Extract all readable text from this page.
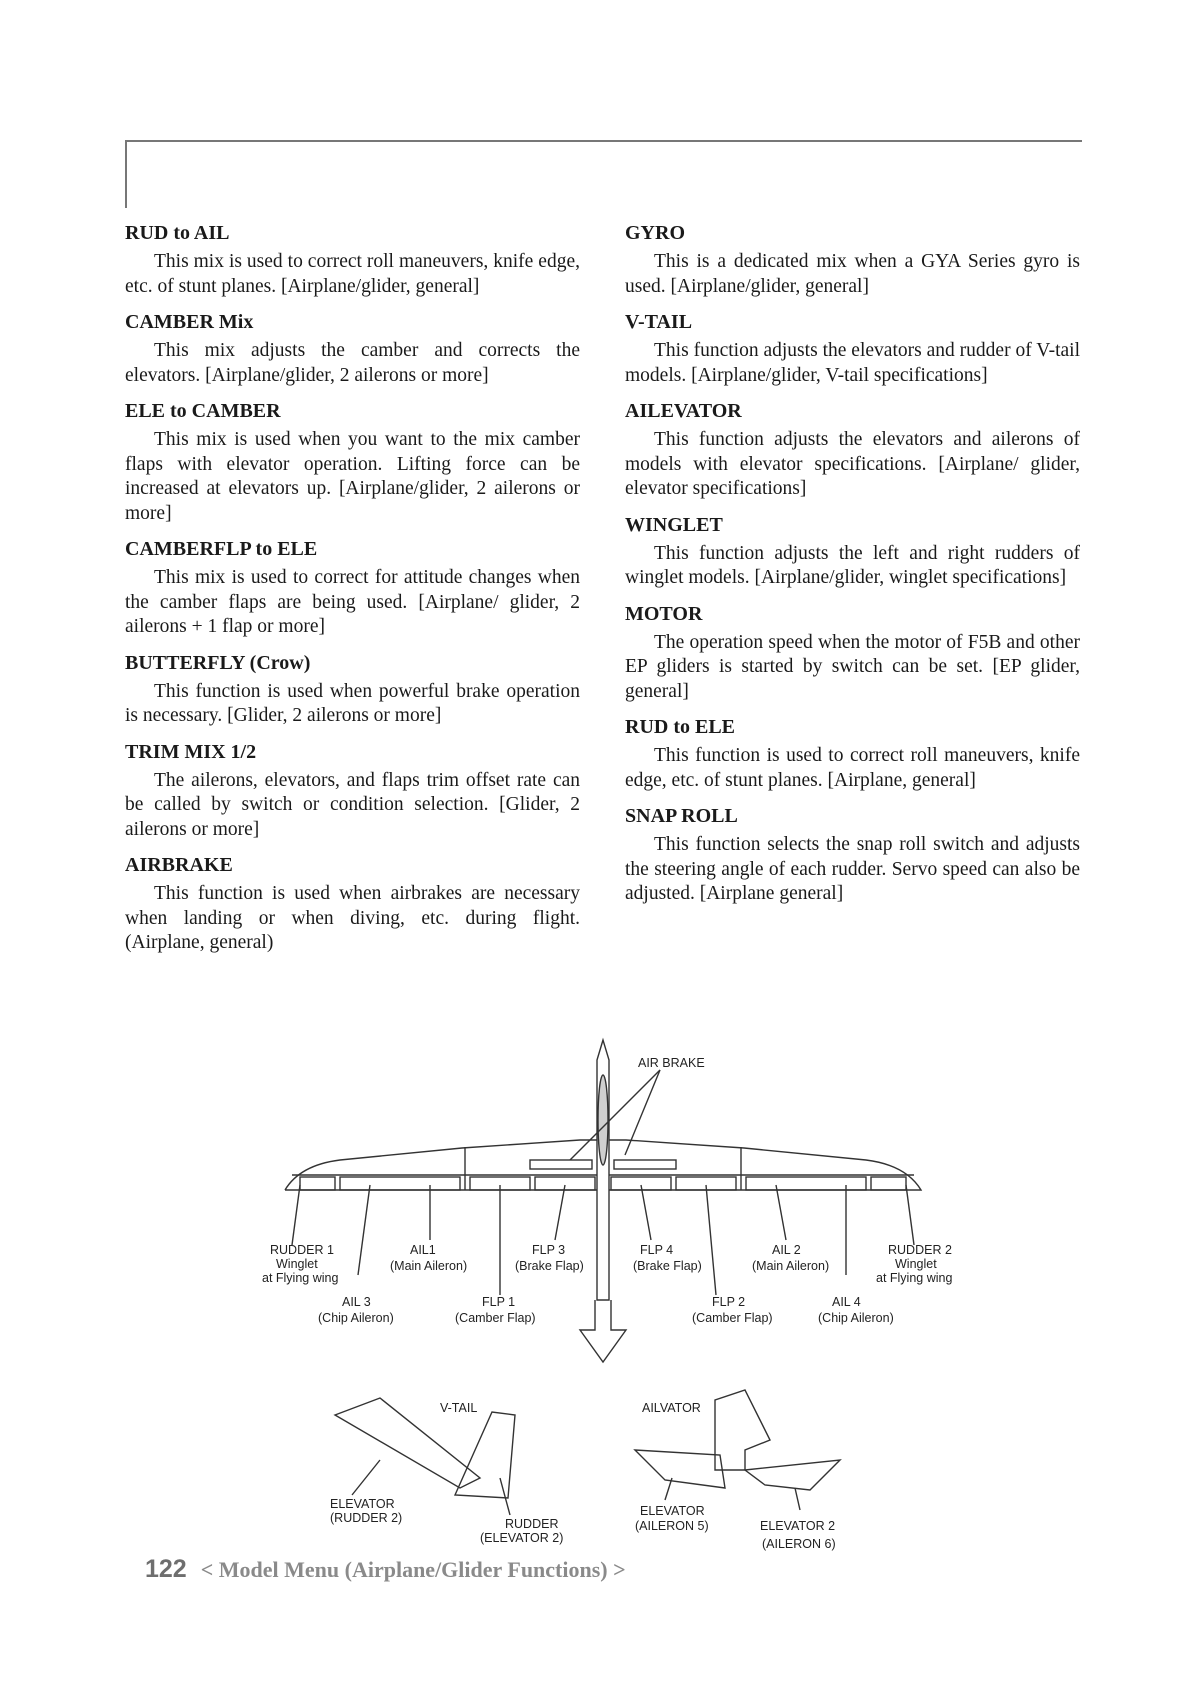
RUD to AIL

This mix is used to correct roll maneuvers, knife edge, etc. of stunt planes. [Airplane/glider, general]

CAMBER Mix

This mix adjusts the camber and corrects the elevators. [Airplane/glider, 2 ailerons or more]

ELE to CAMBER

This mix is used when you want to the mix camber flaps with elevator operation. Lifting force can be increased at elevators up. [Airplane/glider, 2 ailerons or more]

CAMBERFLP to ELE

This mix is used to correct for attitude changes when the camber flaps are being used. [Airplane/ glider, 2 ailerons + 1 flap or more]

BUTTERFLY (Crow)

This function is used when powerful brake operation is necessary. [Glider, 2 ailerons or more]

TRIM MIX 1/2

The ailerons, elevators, and flaps trim offset rate can be called by switch or condition selection. [Glider, 2 ailerons or more]

AIRBRAKE

This function is used when airbrakes are necessary when landing or when diving, etc. during flight. (Airplane, general)

GYRO

This is a dedicated mix when a GYA Series gyro is used. [Airplane/glider, general]

V-TAIL

This function adjusts the elevators and rudder of V-tail models. [Airplane/glider, V-tail specifications]

AILEVATOR

This function adjusts the elevators and ailerons of models with elevator specifications. [Airplane/ glider, elevator specifications]

WINGLET

This function adjusts the left and right rudders of winglet models. [Airplane/glider, winglet specifications]

MOTOR

The operation speed when the motor of F5B and other EP gliders is started by switch can be set. [EP glider, general]

RUD to ELE

This function is used to correct roll maneuvers, knife edge, etc. of stunt planes. [Airplane, general]

SNAP ROLL

This function selects the snap roll switch and adjusts the steering angle of each rudder. Servo speed can also be adjusted. [Airplane general]

AIR BRAKE
RUDDER 1
Winglet
at Flying wing
AIL1
(Main Aileron)
FLP 3
(Brake Flap)
FLP 4
(Brake Flap)
AIL 2
(Main Aileron)
RUDDER 2
Winglet
at Flying wing
AIL 3
(Chip Aileron)
FLP 1
(Camber Flap)
FLP 2
(Camber Flap)
AIL 4
(Chip Aileron)
V-TAIL
ELEVATOR
(RUDDER 2)	RUDDER
(ELEVATOR 2)
AILVATOR
ELEVATOR
(AILERON 5)	ELEVATOR 2
(AILERON 6)
122 < Model Menu (Airplane/Glider Functions) >
